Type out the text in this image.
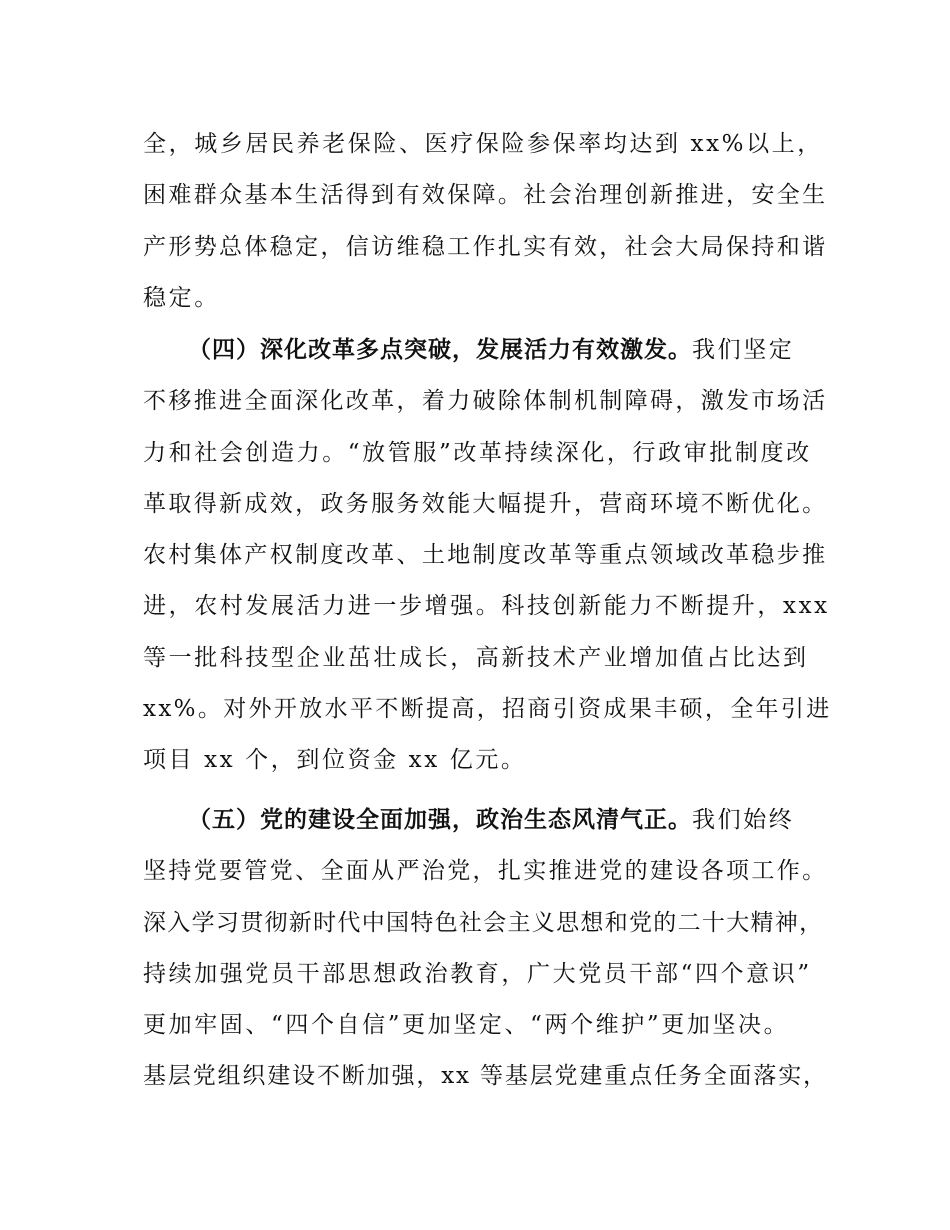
全，城乡居民养老保险、医疗保险参保率均达到 xx%以上，
困难群众基本生活得到有效保障。社会治理创新推进，安全生
产形势总体稳定，信访维稳工作扎实有效，社会大局保持和谐
稳定。
（四）深化改革多点突破，发展活力有效激发。我们坚定
不移推进全面深化改革，着力破除体制机制障碍，激发市场活
力和社会创造力。“放管服”改革持续深化，行政审批制度改
革取得新成效，政务服务效能大幅提升，营商环境不断优化。
农村集体产权制度改革、土地制度改革等重点领域改革稳步推
进，农村发展活力进一步增强。科技创新能力不断提升，xxx
等一批科技型企业茁壮成长，高新技术产业增加值占比达到
xx%。对外开放水平不断提高，招商引资成果丰硕，全年引进
项目 xx 个，到位资金 xx 亿元。
（五）党的建设全面加强，政治生态风清气正。我们始终
坚持党要管党、全面从严治党，扎实推进党的建设各项工作。
深入学习贯彻新时代中国特色社会主义思想和党的二十大精神，
持续加强党员干部思想政治教育，广大党员干部“四个意识”
更加牢固、“四个自信”更加坚定、“两个维护”更加坚决。
基层党组织建设不断加强，xx 等基层党建重点任务全面落实，
